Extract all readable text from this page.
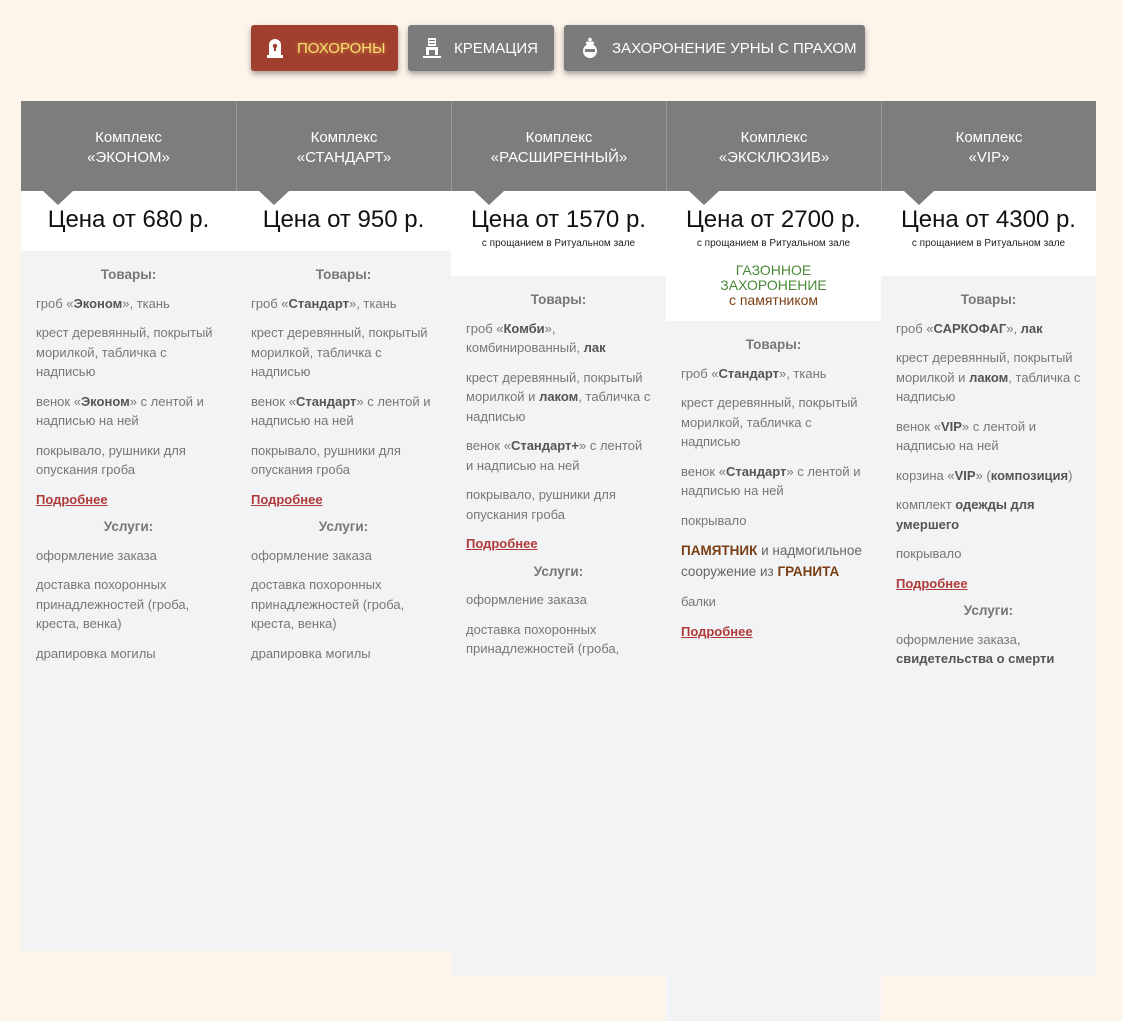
ПОХОРОНЫ	КРЕМАЦИЯ	ЗАХОРОНЕНИЕ УРНЫ С ПРАХОМ
Комплекс
«ЭКОНОМ»
Цена от 680 р.
Товары:
гроб «Эконом», ткань
крест деревянный, покрытый морилкой, табличка с надписью
венок «Эконом» с лентой и надписью на ней
покрывало, рушники для опускания гроба
Подробнее
Услуги:
оформление заказа
доставка похоронных принадлежностей (гроба, креста, венка)
драпировка могилы
Комплекс
«СТАНДАРТ»
Цена от 950 р.
Товары:
гроб «Стандарт», ткань
крест деревянный, покрытый морилкой, табличка с надписью
венок «Стандарт» с лентой и надписью на ней
покрывало, рушники для опускания гроба
Подробнее
Услуги:
оформление заказа
доставка похоронных принадлежностей (гроба, креста, венка)
драпировка могилы
Комплекс
«РАСШИРЕННЫЙ»
Цена от 1570 р.
с прощанием в Ритуальном зале
Товары:
гроб «Комби», комбинированный, лак
крест деревянный, покрытый морилкой и лаком, табличка с надписью
венок «Стандарт+» с лентой и надписью на ней
покрывало, рушники для опускания гроба
Подробнее
Услуги:
оформление заказа
доставка похоронных принадлежностей (гроба,
Комплекс
«ЭКСКЛЮЗИВ»
Цена от 2700 р.
с прощанием в Ритуальном зале
ГАЗОННОЕ
ЗАХОРОНЕНИЕ
с памятником
Товары:
гроб «Стандарт», ткань
крест деревянный, покрытый морилкой, табличка с надписью
венок «Стандарт» с лентой и надписью на ней
покрывало
ПАМЯТНИК и надмогильное сооружение из ГРАНИТА
балки
Подробнее
Комплекс
«VIP»
Цена от 4300 р.
с прощанием в Ритуальном зале
Товары:
гроб «САРКОФАГ», лак
крест деревянный, покрытый морилкой и лаком, табличка с надписью
венок «VIP» с лентой и надписью на ней
корзина «VIP» (композиция)
комплект одежды для умершего
покрывало
Подробнее
Услуги:
оформление заказа, свидетельства о смерти
